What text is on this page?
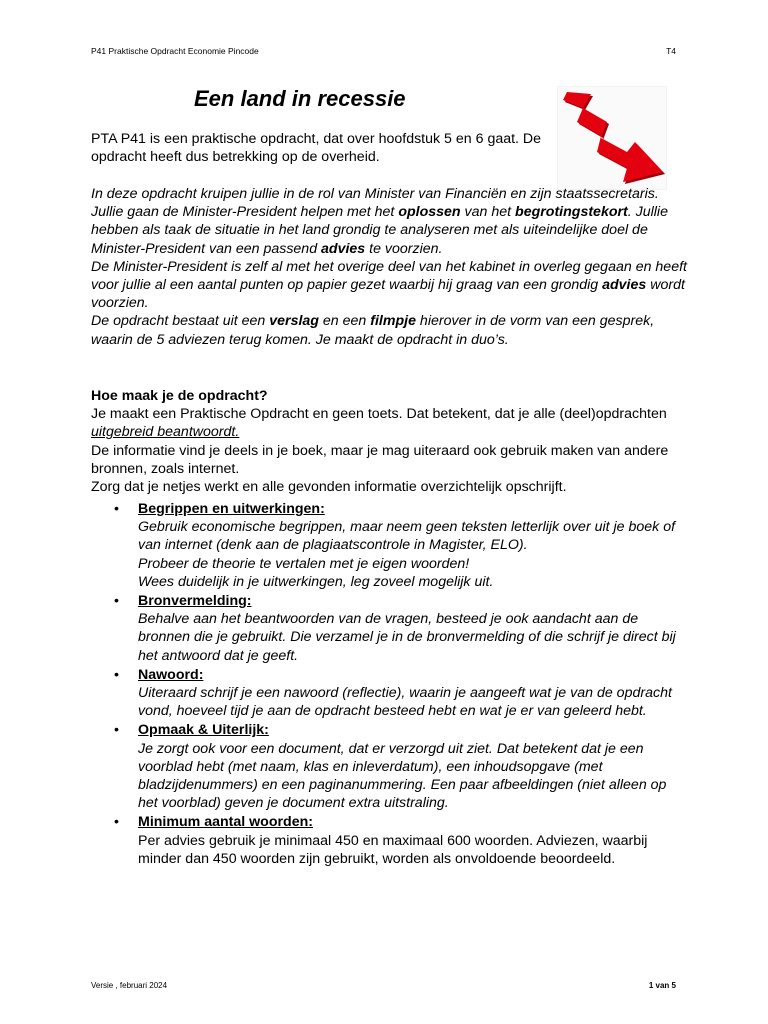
P41 Praktische Opdracht Economie Pincode	T4
Een land in recessie
PTA P41 is een praktische opdracht, dat over hoofdstuk 5 en 6 gaat. De opdracht heeft dus betrekking op de overheid.

In deze opdracht kruipen jullie in de rol van Minister van Financiën en zijn staatssecretaris. Jullie gaan de Minister-President helpen met het oplossen van het begrotingstekort. Jullie hebben als taak de situatie in het land grondig te analyseren met als uiteindelijke doel de Minister-President van een passend advies te voorzien.

De Minister-President is zelf al met het overige deel van het kabinet in overleg gegaan en heeft voor jullie al een aantal punten op papier gezet waarbij hij graag van een grondig advies wordt voorzien.

De opdracht bestaat uit een verslag en een filmpje hierover in de vorm van een gesprek, waarin de 5 adviezen terug komen. Je maakt de opdracht in duo’s.

Hoe maak je de opdracht?

Je maakt een Praktische Opdracht en geen toets. Dat betekent, dat je alle (deel)opdrachten uitgebreid beantwoordt.

De informatie vind je deels in je boek, maar je mag uiteraard ook gebruik maken van andere bronnen, zoals internet.

Zorg dat je netjes werkt en alle gevonden informatie overzichtelijk opschrijft.

• Begrippen en uitwerkingen:
Gebruik economische begrippen, maar neem geen teksten letterlijk over uit je boek of van internet (denk aan de plagiaatscontrole in Magister, ELO).
Probeer de theorie te vertalen met je eigen woorden!
Wees duidelijk in je uitwerkingen, leg zoveel mogelijk uit.
• Bronvermelding:
Behalve aan het beantwoorden van de vragen, besteed je ook aandacht aan de bronnen die je gebruikt. Die verzamel je in de bronvermelding of die schrijf je direct bij het antwoord dat je geeft.
• Nawoord:
Uiteraard schrijf je een nawoord (reflectie), waarin je aangeeft wat je van de opdracht vond, hoeveel tijd je aan de opdracht besteed hebt en wat je er van geleerd hebt.
• Opmaak & Uiterlijk:
Je zorgt ook voor een document, dat er verzorgd uit ziet. Dat betekent dat je een voorblad hebt (met naam, klas en inleverdatum), een inhoudsopgave (met bladzijdenummers) en een paginanummering. Een paar afbeeldingen (niet alleen op het voorblad) geven je document extra uitstraling.
• Minimum aantal woorden:
Per advies gebruik je minimaal 450 en maximaal 600 woorden. Adviezen, waarbij minder dan 450 woorden zijn gebruikt, worden als onvoldoende beoordeeld.
Versie , februari 2024	1 van 5
